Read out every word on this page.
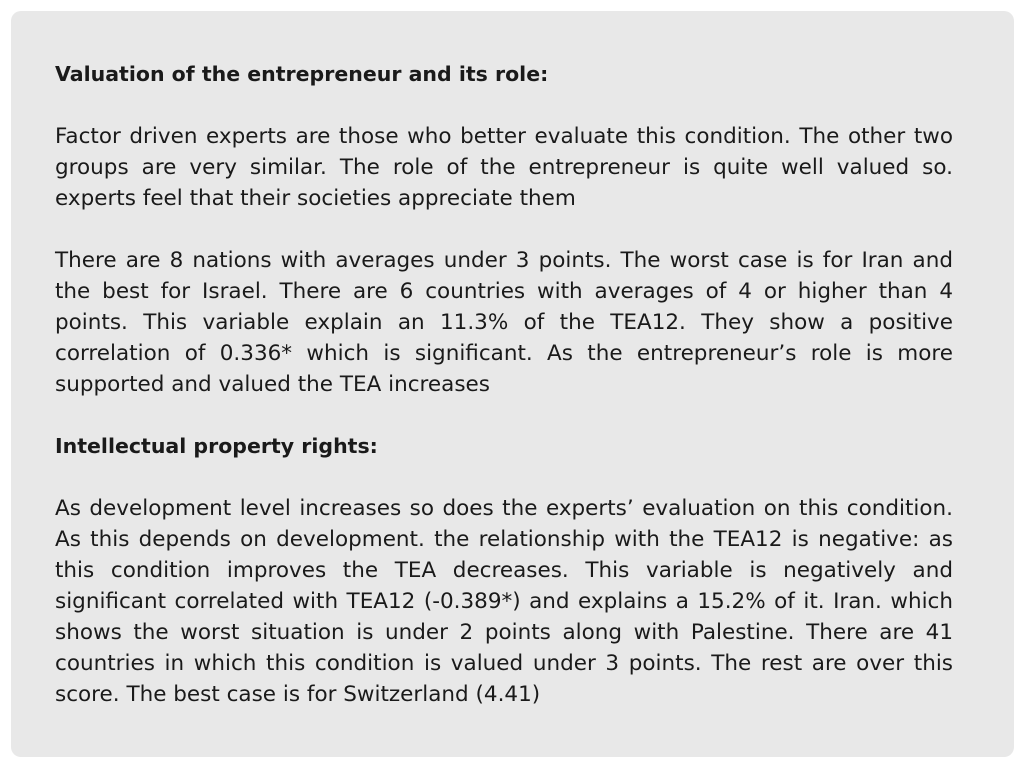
Valuation of the entrepreneur and its role:

Factor driven experts are those who better evaluate this condition. The other two groups are very similar. The role of the entrepreneur is quite well valued so. experts feel that their societies appreciate them

There are 8 nations with averages under 3 points. The worst case is for Iran and the best for Israel. There are 6 countries with averages of 4 or higher than 4 points. This variable explain an 11.3% of the TEA12. They show a positive correlation of 0.336* which is significant. As the entrepreneur’s role is more supported and valued the TEA increases

Intellectual property rights:

As development level increases so does the experts’ evaluation on this condition. As this depends on development. the relationship with the TEA12 is negative: as this condition improves the TEA decreases. This variable is negatively and significant correlated with TEA12 (-0.389*) and explains a 15.2% of it. Iran. which shows the worst situation is under 2 points along with Palestine. There are 41 countries in which this condition is valued under 3 points. The rest are over this score. The best case is for Switzerland (4.41)
